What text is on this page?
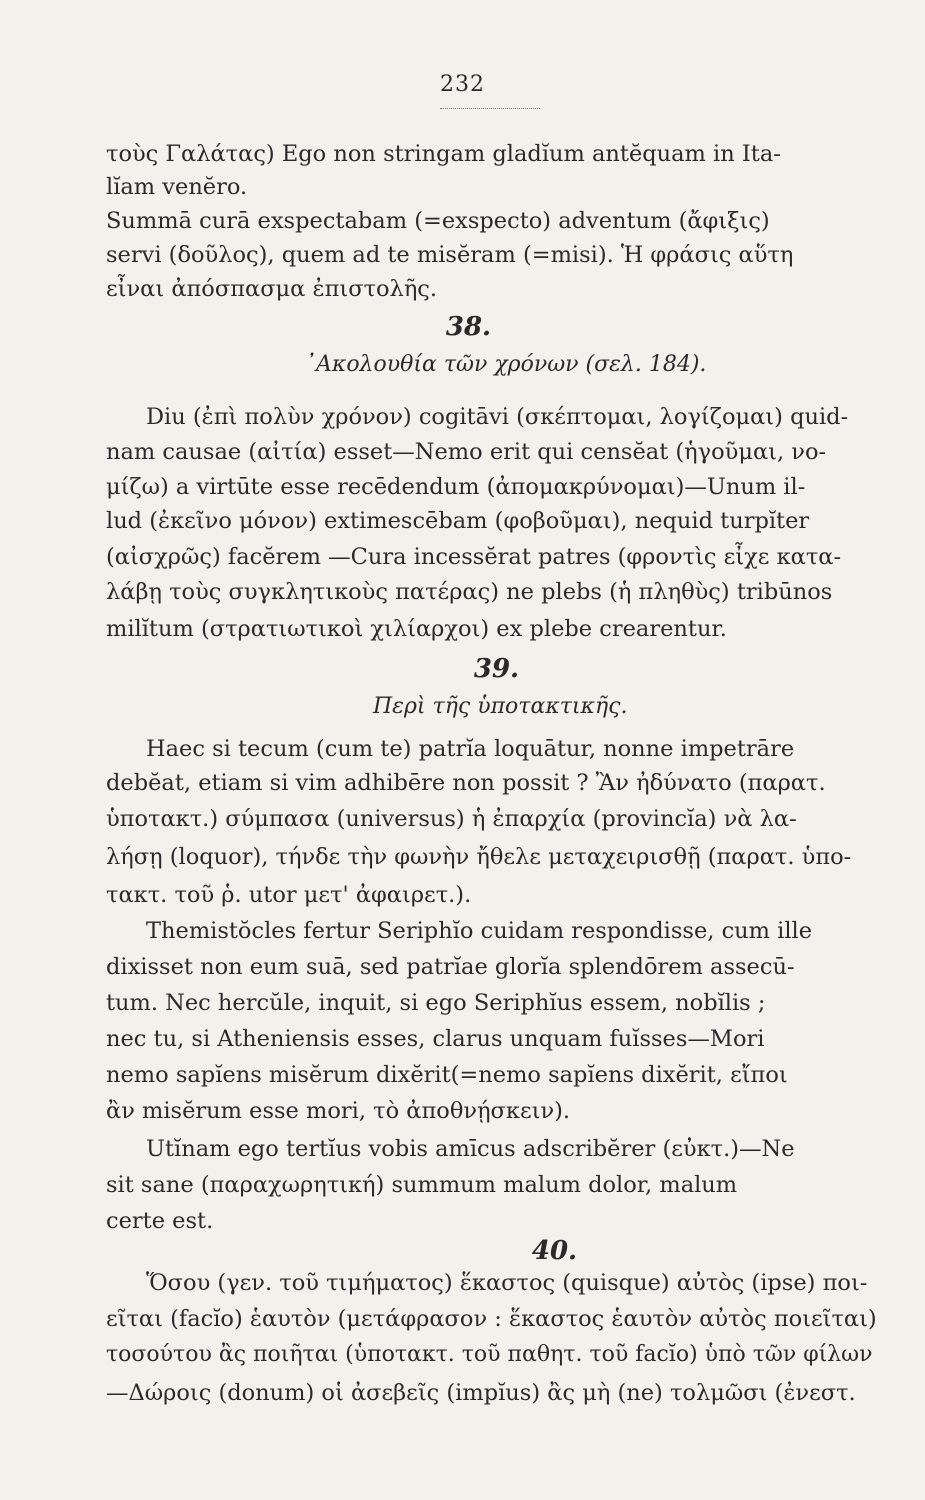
232
τοὺς Γαλάτας) Ego non stringam gladĭum antĕquam in Ita-
lĭam venĕro.
Summā curā exspectabam (=exspecto) adventum (ἄφιξις)
servi (δοῦλος), quem ad te misĕram (=misi). Ἡ φράσις αὕτη
εἶναι ἀπόσπασμα ἐπιστολῆς.
38.
᾿Ακολουθία τῶν χρόνων (σελ. 184).
Diu (ἐπὶ πολὺν χρόνον) cogitāvi (σκέπτομαι, λογίζομαι) quid-
nam causae (αἰτία) esset—Nemo erit qui censĕat (ἡγοῦμαι, νο-
μίζω) a virtūte esse recēdendum (ἀπομακρύνομαι)—Unum il-
lud (ἐκεῖνο μόνον) extimescēbam (φοβοῦμαι), nequid turpĭter
(αἰσχρῶς) facĕrem —Cura incessĕrat patres (φροντὶς εἶχε κατα-
λάβῃ τοὺς συγκλητικοὺς πατέρας) ne plebs (ἡ πληθὺς) tribūnos
milĭtum (στρατιωτικοὶ χιλίαρχοι) ex plebe crearentur.
39.
Περὶ τῆς ὑποτακτικῆς.
Haec si tecum (cum te) patrĭa loquātur, nonne impetrāre
debĕat, etiam si vim adhibēre non possit ? Ἂν ἠδύνατο (παρατ.
ὑποτακτ.) σύμπασα (universus) ἡ ἐπαρχία (provincĭa) νὰ λα-
λήσῃ (loquor), τήνδε τὴν φωνὴν ἤθελε μεταχειρισθῇ (παρατ. ὑπο-
τακτ. τοῦ ῥ. utor μετ' ἀφαιρετ.).
Themistŏcles fertur Seriphĭo cuidam respondisse, cum ille
dixisset non eum suā, sed patrĭae glorĭa splendōrem assecū-
tum. Nec hercŭle, inquit, si ego Seriphĭus essem, nobĭlis ;
nec tu, si Atheniensis esses, clarus unquam fuĭsses—Mori
nemo sapĭens misĕrum dixĕrit(=nemo sapĭens dixĕrit, εἴποι
ἂν misĕrum esse mori, τὸ ἀποθνῄσκειν).
Utĭnam ego tertĭus vobis amīcus adscribĕrer (εὐκτ.)—Ne
sit sane (παραχωρητική) summum malum dolor, malum
certe est.
40.
Ὅσου (γεν. τοῦ τιμήματος) ἕκαστος (quisque) αὐτὸς (ipse) ποι-
εῖται (facĭo) ἑαυτὸν (μετάφρασον : ἕκαστος ἑαυτὸν αὐτὸς ποιεῖται)
τοσούτου ἂς ποιῆται (ὑποτακτ. τοῦ παθητ. τοῦ facĭo) ὑπὸ τῶν φίλων
—Δώροις (donum) οἱ ἀσεβεῖς (impĭus) ἂς μὴ (ne) τολμῶσι (ἐνεστ.
